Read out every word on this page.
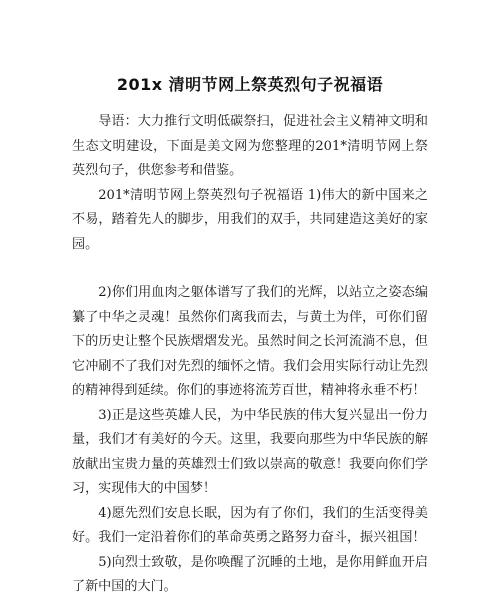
201x 清明节网上祭英烈句子祝福语

导语：大力推行文明低碳祭扫，促进社会主义精神文明和生态文明建设，下面是美文网为您整理的201*清明节网上祭英烈句子，供您参考和借鉴。

201*清明节网上祭英烈句子祝福语 1)伟大的新中国来之不易，踏着先人的脚步，用我们的双手，共同建造这美好的家园。

2)你们用血肉之躯体谱写了我们的光辉，以站立之姿态编纂了中华之灵魂！虽然你们离我而去，与黄土为伴，可你们留下的历史让整个民族熠熠发光。虽然时间之长河流淌不息，但它冲刷不了我们对先烈的缅怀之情。我们会用实际行动让先烈的精神得到延续。你们的事迹将流芳百世，精神将永垂不朽！

3)正是这些英雄人民，为中华民族的伟大复兴显出一份力量，我们才有美好的今天。这里，我要向那些为中华民族的解放献出宝贵力量的英雄烈士们致以崇高的敬意！我要向你们学习，实现伟大的中国梦！

4)愿先烈们安息长眠，因为有了你们，我们的生活变得美好。我们一定沿着你们的革命英勇之路努力奋斗，振兴祖国！

5)向烈士致敬，是你唤醒了沉睡的土地，是你用鲜血开启了新中国的大门。
